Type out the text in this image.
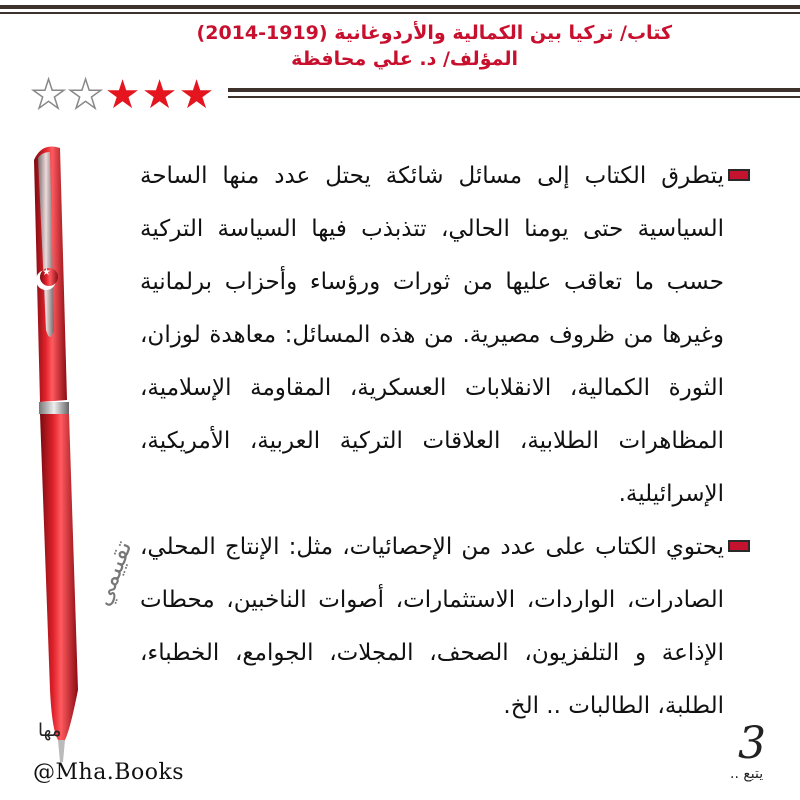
كتاب/ تركيا بين الكمالية والأردوغانية (1919-2014)
المؤلف/ د. علي محافظة
★ ★ ★ ★ ★
★

يتطرق الكتاب إلى مسائل شائكة يحتل عدد منها الساحة السياسية حتى يومنا الحالي، تتذبذب فيها السياسة التركية حسب ما تعاقب عليها من ثورات ورؤساء وأحزاب برلمانية وغيرها من ظروف مصيرية. من هذه المسائل: معاهدة لوزان، الثورة الكمالية، الانقلابات العسكرية، المقاومة الإسلامية، المظاهرات الطلابية، العلاقات التركية العربية، الأمريكية، الإسرائيلية.

يحتوي الكتاب على عدد من الإحصائيات، مثل: الإنتاج المحلي، الصادرات، الواردات، الاستثمارات، أصوات الناخبين، محطات الإذاعة و التلفزيون، الصحف، المجلات، الجوامع، الخطباء، الطلبة، الطالبات .. الخ.

تقييمي
مها
@Mha.Books
3
يتبع ..
